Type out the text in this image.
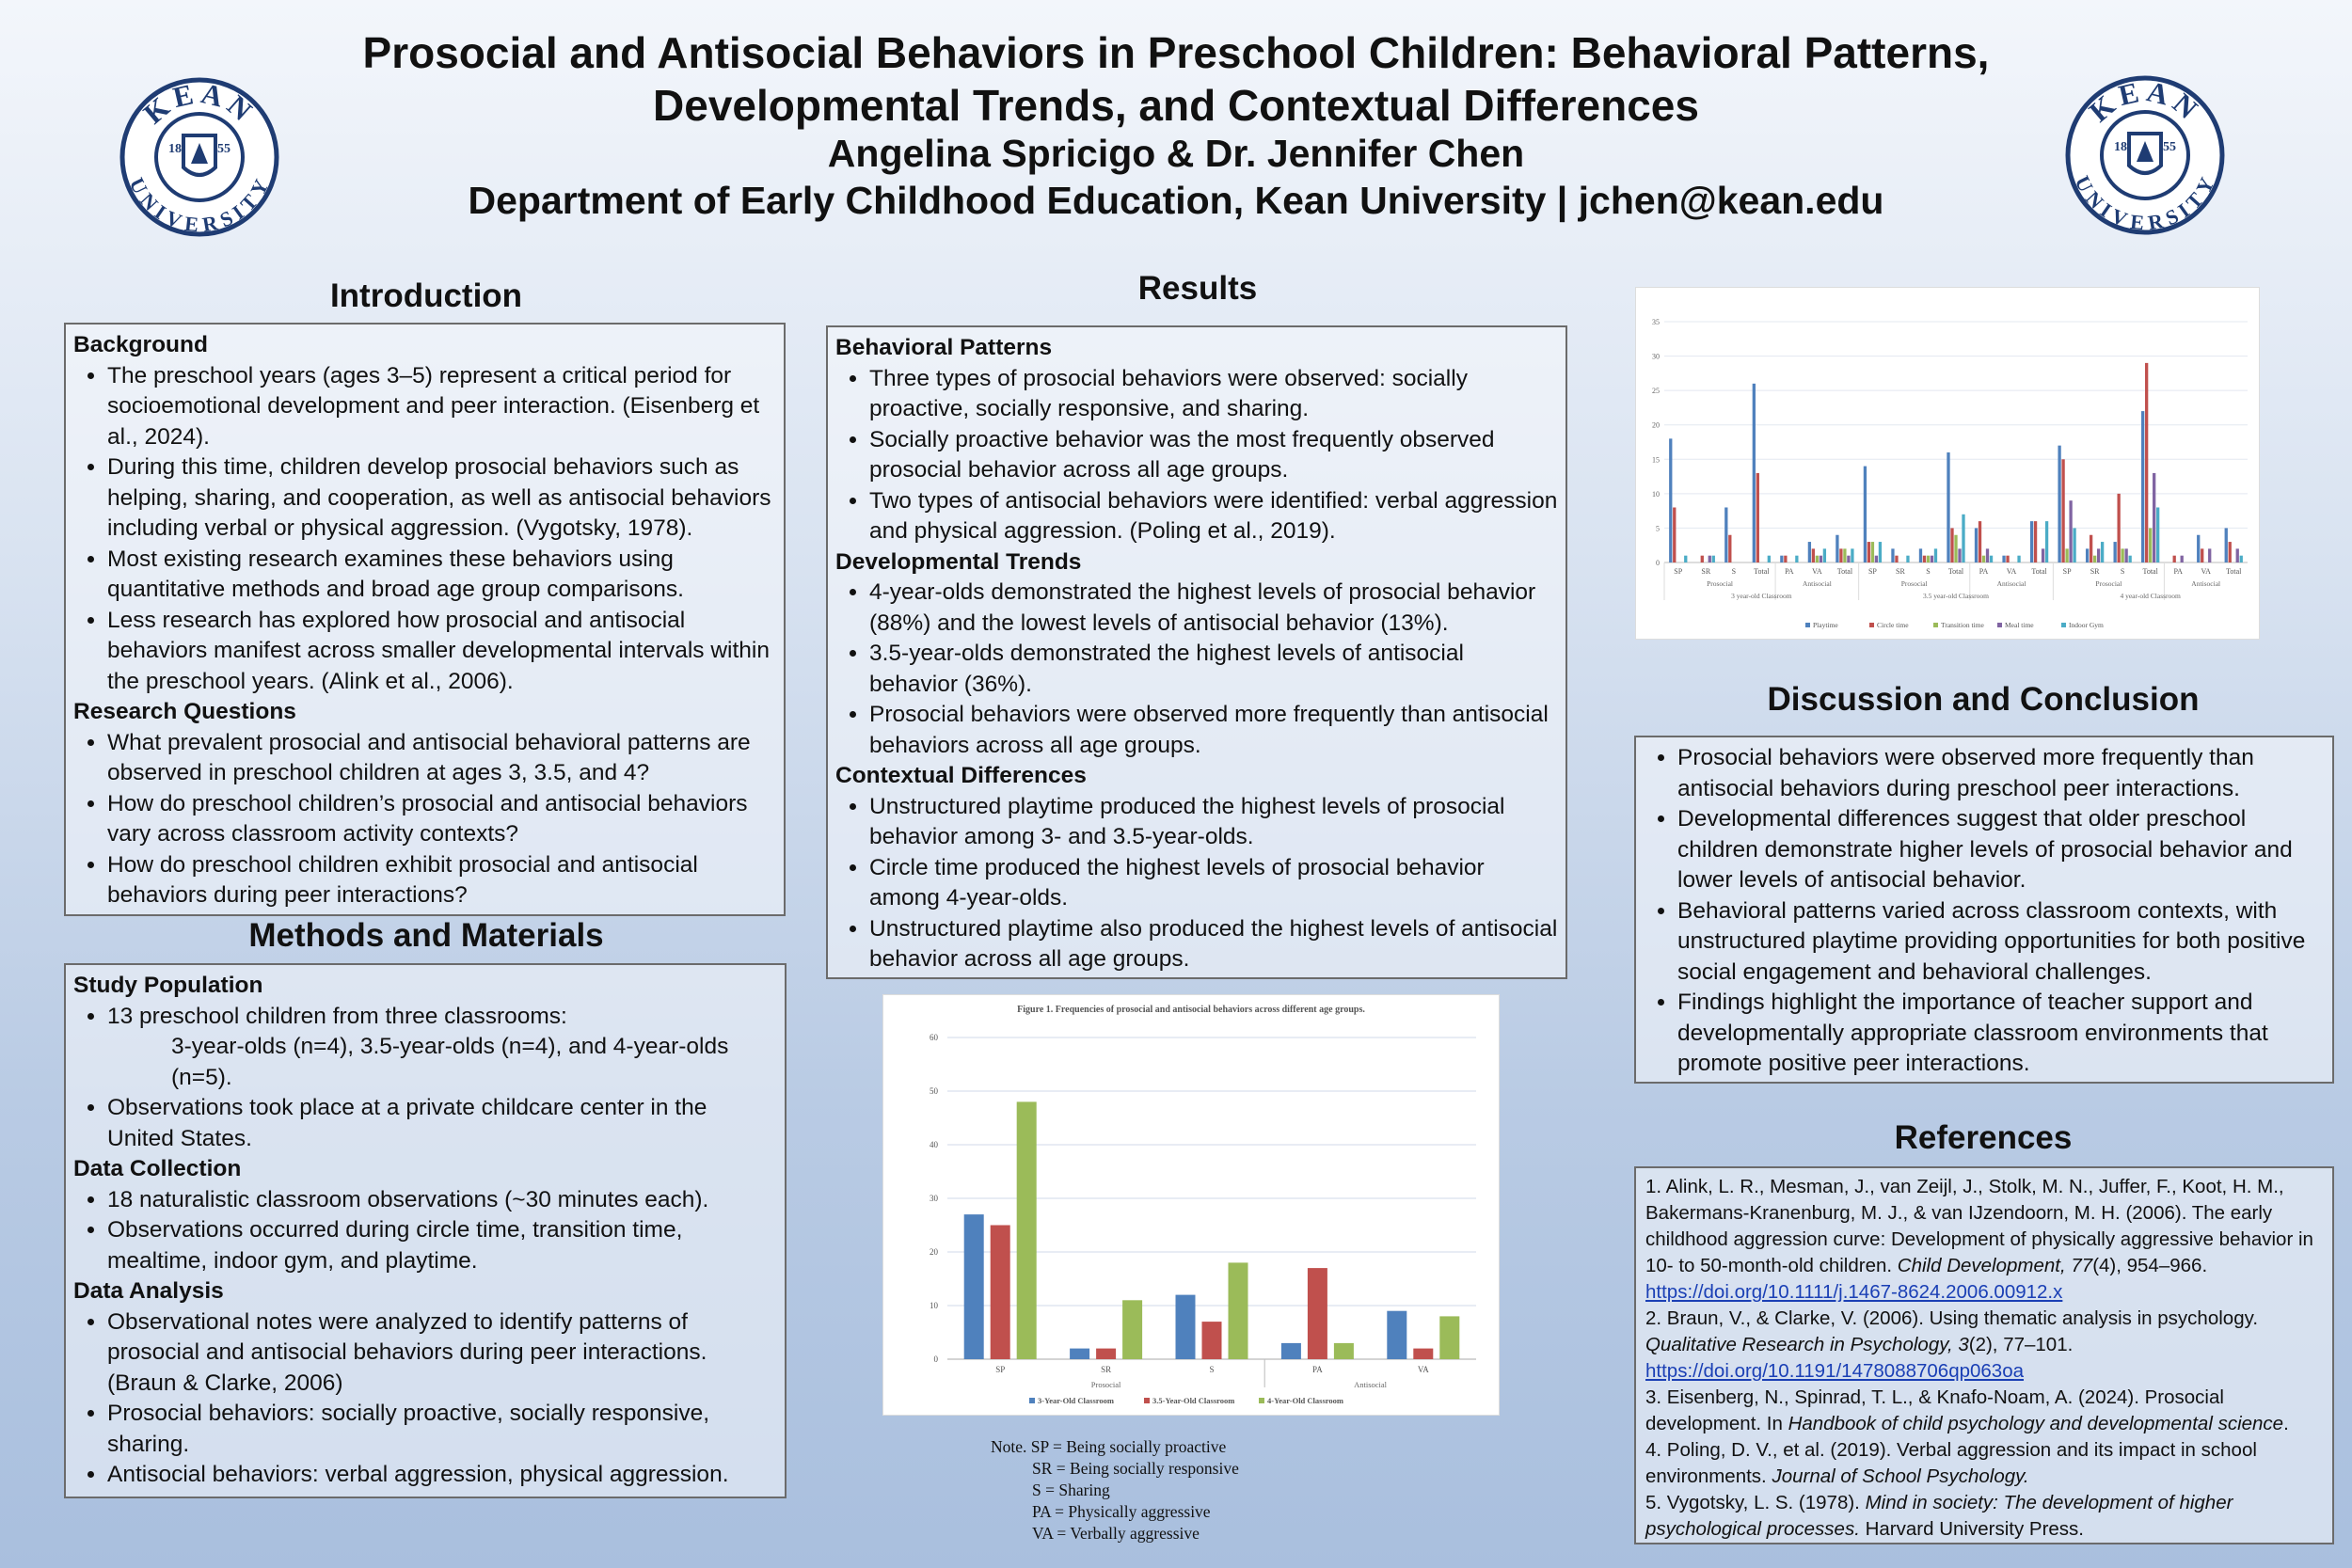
Prosocial and Antisocial Behaviors in Preschool Children: Behavioral Patterns,
Developmental Trends, and Contextual Differences
Angelina Spricigo & Dr. Jennifer Chen
Department of Early Childhood Education, Kean University | jchen@kean.edu
KEAN
UNIVERSITY
18	55
KEAN
UNIVERSITY
18	55
Introduction
Background
• The preschool years (ages 3–5) represent a critical period for socioemotional development and peer interaction. (Eisenberg et al., 2024).
• During this time, children develop prosocial behaviors such as helping, sharing, and cooperation, as well as antisocial behaviors including verbal or physical aggression. (Vygotsky, 1978).
• Most existing research examines these behaviors using quantitative methods and broad age group comparisons.
• Less research has explored how prosocial and antisocial behaviors manifest across smaller developmental intervals within the preschool years. (Alink et al., 2006).
Research Questions
• What prevalent prosocial and antisocial behavioral patterns are observed in preschool children at ages 3, 3.5, and 4?
• How do preschool children’s prosocial and antisocial behaviors vary across classroom activity contexts?
• How do preschool children exhibit prosocial and antisocial behaviors during peer interactions?
Methods and Materials
Study Population
• 13 preschool children from three classrooms:
3-year-olds (n=4), 3.5-year-olds (n=4), and 4-year-olds (n=5).
• Observations took place at a private childcare center in the United States.
Data Collection
• 18 naturalistic classroom observations (~30 minutes each).
• Observations occurred during circle time, transition time, mealtime, indoor gym, and playtime.
Data Analysis
• Observational notes were analyzed to identify patterns of prosocial and antisocial behaviors during peer interactions. (Braun & Clarke, 2006)
• Prosocial behaviors: socially proactive, socially responsive, sharing.
• Antisocial behaviors: verbal aggression, physical aggression.
Results
Behavioral Patterns
• Three types of prosocial behaviors were observed: socially proactive, socially responsive, and sharing.
• Socially proactive behavior was the most frequently observed prosocial behavior across all age groups.
• Two types of antisocial behaviors were identified: verbal aggression and physical aggression. (Poling et al., 2019).
Developmental Trends
• 4-year-olds demonstrated the highest levels of prosocial behavior (88%) and the lowest levels of antisocial behavior (13%).
• 3.5-year-olds demonstrated the highest levels of antisocial behavior (36%).
• Prosocial behaviors were observed more frequently than antisocial behaviors across all age groups.
Contextual Differences
• Unstructured playtime produced the highest levels of prosocial behavior among 3- and 3.5-year-olds.
• Circle time produced the highest levels of prosocial behavior among 4-year-olds.
• Unstructured playtime also produced the highest levels of antisocial behavior across all age groups.
Figure 1. Frequencies of prosocial and antisocial behaviors across different age groups.
0
10
20
30
40
50
60
SP	SR	S	PA	VA
Prosocial	Antisocial
3-Year-Old Classroom	3.5-Year-Old Classroom	4-Year-Old Classroom
Note. SP = Being socially proactive
SR = Being socially responsive
S = Sharing
PA = Physically aggressive
VA = Verbally aggressive
0
5
10
15
20
25
30
35
SP	SR	S Total PA VA Total SP	SR	S Total PA VA Total SP	SR	S Total PA VA Total
Prosocial	Antisocial	Prosocial	Antisocial	Prosocial	Antisocial
3 year-old Classroom	3.5 year-old Classroom	4 year-old Classroom
Playtime	Circle time	Transition time	Meal time	Indoor Gym
Discussion and Conclusion
• Prosocial behaviors were observed more frequently than antisocial behaviors during preschool peer interactions.
• Developmental differences suggest that older preschool children demonstrate higher levels of prosocial behavior and lower levels of antisocial behavior.
• Behavioral patterns varied across classroom contexts, with unstructured playtime providing opportunities for both positive social engagement and behavioral challenges.
• Findings highlight the importance of teacher support and developmentally appropriate classroom environments that promote positive peer interactions.
References

1. Alink, L. R., Mesman, J., van Zeijl, J., Stolk, M. N., Juffer, F., Koot, H. M., Bakermans-Kranenburg, M. J., & van IJzendoorn, M. H. (2006). The early childhood aggression curve: Development of physically aggressive behavior in 10- to 50-month-old children. Child Development, 77(4), 954–966.
https://doi.org/10.1111/j.1467-8624.2006.00912.x

2. Braun, V., & Clarke, V. (2006). Using thematic analysis in psychology. Qualitative Research in Psychology, 3(2), 77–101.
https://doi.org/10.1191/1478088706qp063oa

3. Eisenberg, N., Spinrad, T. L., & Knafo-Noam, A. (2024). Prosocial development. In Handbook of child psychology and developmental science.

4. Poling, D. V., et al. (2019). Verbal aggression and its impact in school environments. Journal of School Psychology.

5. Vygotsky, L. S. (1978). Mind in society: The development of higher psychological processes. Harvard University Press.
